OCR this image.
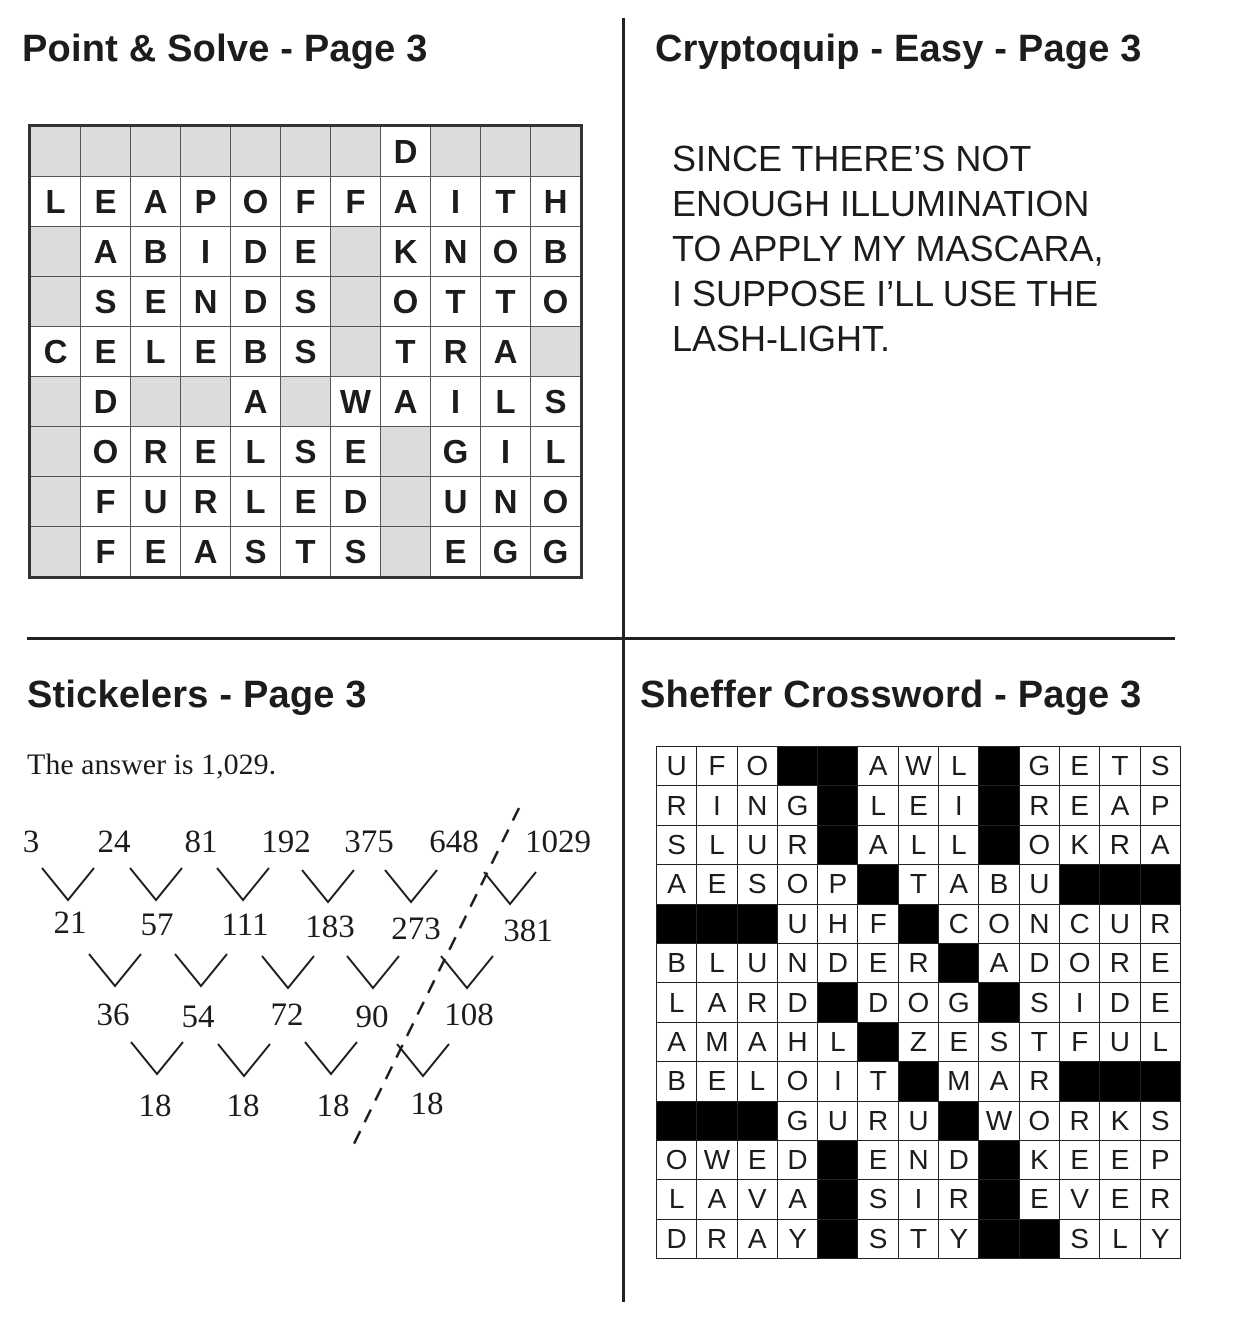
Point & Solve - Page 3	Cryptoquip - Easy - Page 3
Stickelers - Page 3	Sheffer Crossword - Page 3
							D			
L	E	A	P	O	F	F	A	I	T	H
	A	B	I	D	E		K	N	O	B
	S	E	N	D	S		O	T	T	O
C	E	L	E	B	S		T	R	A	
	D			A		W	A	I	L	S
	O	R	E	L	S	E		G	I	L
	F	U	R	L	E	D		U	N	O
	F	E	A	S	T	S		E	G	G
SINCE THERE’S NOT
ENOUGH ILLUMINATION
TO APPLY MY MASCARA,
I SUPPOSE I’LL USE THE
LASH-LIGHT.
The answer is 1,029.
3 24 81 192 375 648 1029
21 57 111 183 273 381
36 54 72 90 108
18 18 18 18
U	F	O			A	W	L		G	E	T	S
R	I	N	G		L	E	I		R	E	A	P
S	L	U	R		A	L	L		O	K	R	A
A	E	S	O	P		T	A	B	U			
			U	H	F		C	O	N	C	U	R
B	L	U	N	D	E	R		A	D	O	R	E
L	A	R	D		D	O	G		S	I	D	E
A	M	A	H	L		Z	E	S	T	F	U	L
B	E	L	O	I	T		M	A	R			
			G	U	R	U		W	O	R	K	S
O	W	E	D		E	N	D		K	E	E	P
L	A	V	A		S	I	R		E	V	E	R
D	R	A	Y		S	T	Y			S	L	Y
